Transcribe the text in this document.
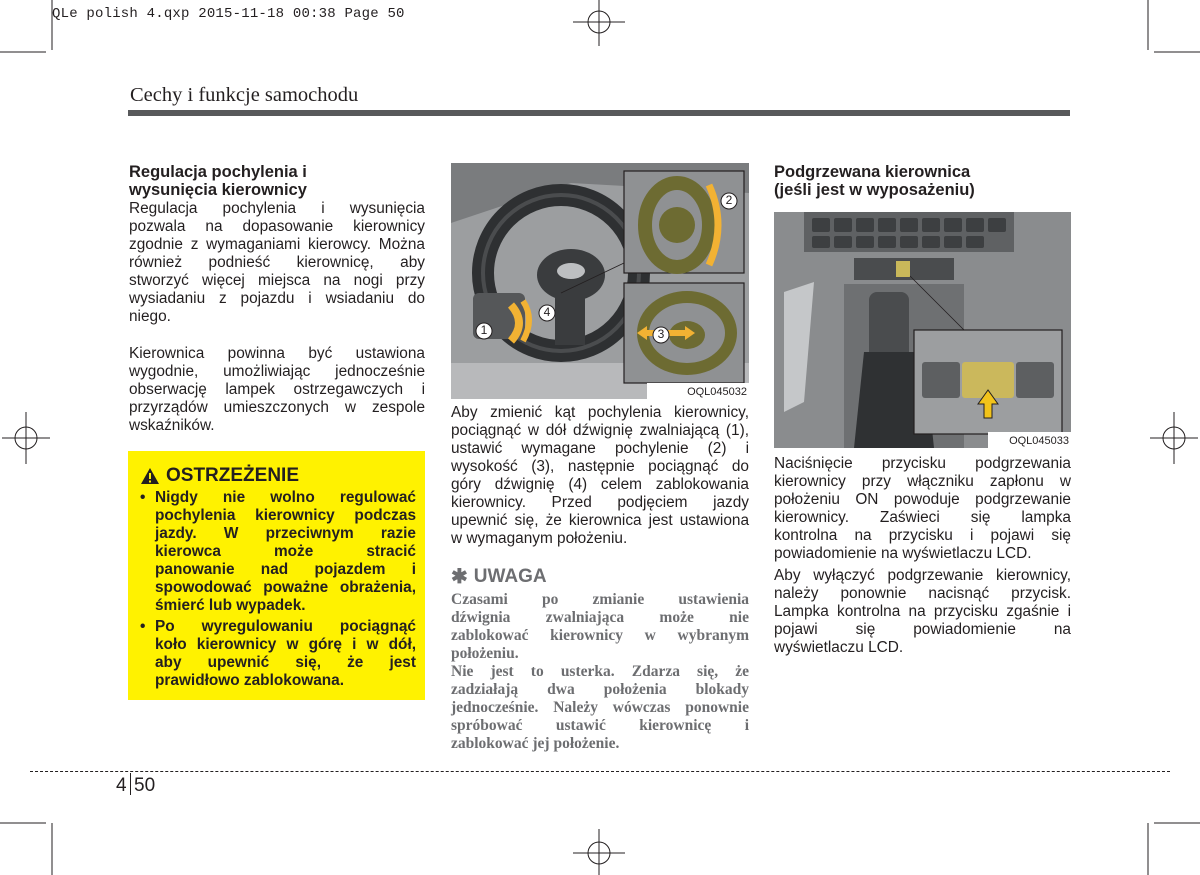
QLe polish 4.qxp 2015-11-18 00:38 Page 50
Cechy i funkcje samochodu
Regulacja pochylenia i
wysunięcia kierownicy
Regulacja pochylenia i wysunięcia
pozwala na dopasowanie kierownicy
zgodnie z wymaganiami kierowcy. Można
również podnieść kierownicę, aby
stworzyć więcej miejsca na nogi przy
wysiadaniu z pojazdu i wsiadaniu do
niego.
Kierownica powinna być ustawiona
wygodnie, umożliwiając jednocześnie
obserwację lampek ostrzegawczych i
przyrządów umieszczonych w zespole
wskaźników.
OSTRZEŻENIE
• Nigdy nie wolno regulować
pochylenia kierownicy podczas
jazdy. W przeciwnym razie
kierowca może stracić
panowanie nad pojazdem i
spowodować poważne obrażenia,
śmierć lub wypadek.
• Po wyregulowaniu pociągnąć
koło kierownicy w górę i w dół,
aby upewnić się, że jest
prawidłowo zablokowana.
1
4
2
3
OQL045032
Aby zmienić kąt pochylenia kierownicy,
pociągnąć w dół dźwignię zwalniającą (1),
ustawić wymagane pochylenie (2) i
wysokość (3), następnie pociągnąć do
góry dźwignię (4) celem zablokowania
kierownicy. Przed podjęciem jazdy
upewnić się, że kierownica jest ustawiona
w wymaganym położeniu.
✱ UWAGA
Czasami po zmianie ustawienia
dźwignia zwalniająca może nie
zablokować kierownicy w wybranym
położeniu.
Nie jest to usterka. Zdarza się, że
zadziałają dwa położenia blokady
jednocześnie. Należy wówczas ponownie
spróbować ustawić kierownicę i
zablokować jej położenie.
Podgrzewana kierownica
(jeśli jest w wyposażeniu)
OQL045033
Naciśnięcie przycisku podgrzewania
kierownicy przy włączniku zapłonu w
położeniu ON powoduje podgrzewanie
kierownicy. Zaświeci się lampka
kontrolna na przycisku i pojawi się
powiadomienie na wyświetlaczu LCD.
Aby wyłączyć podgrzewanie kierownicy,
należy ponownie nacisnąć przycisk.
Lampka kontrolna na przycisku zgaśnie i
pojawi się powiadomienie na
wyświetlaczu LCD.
4 50
